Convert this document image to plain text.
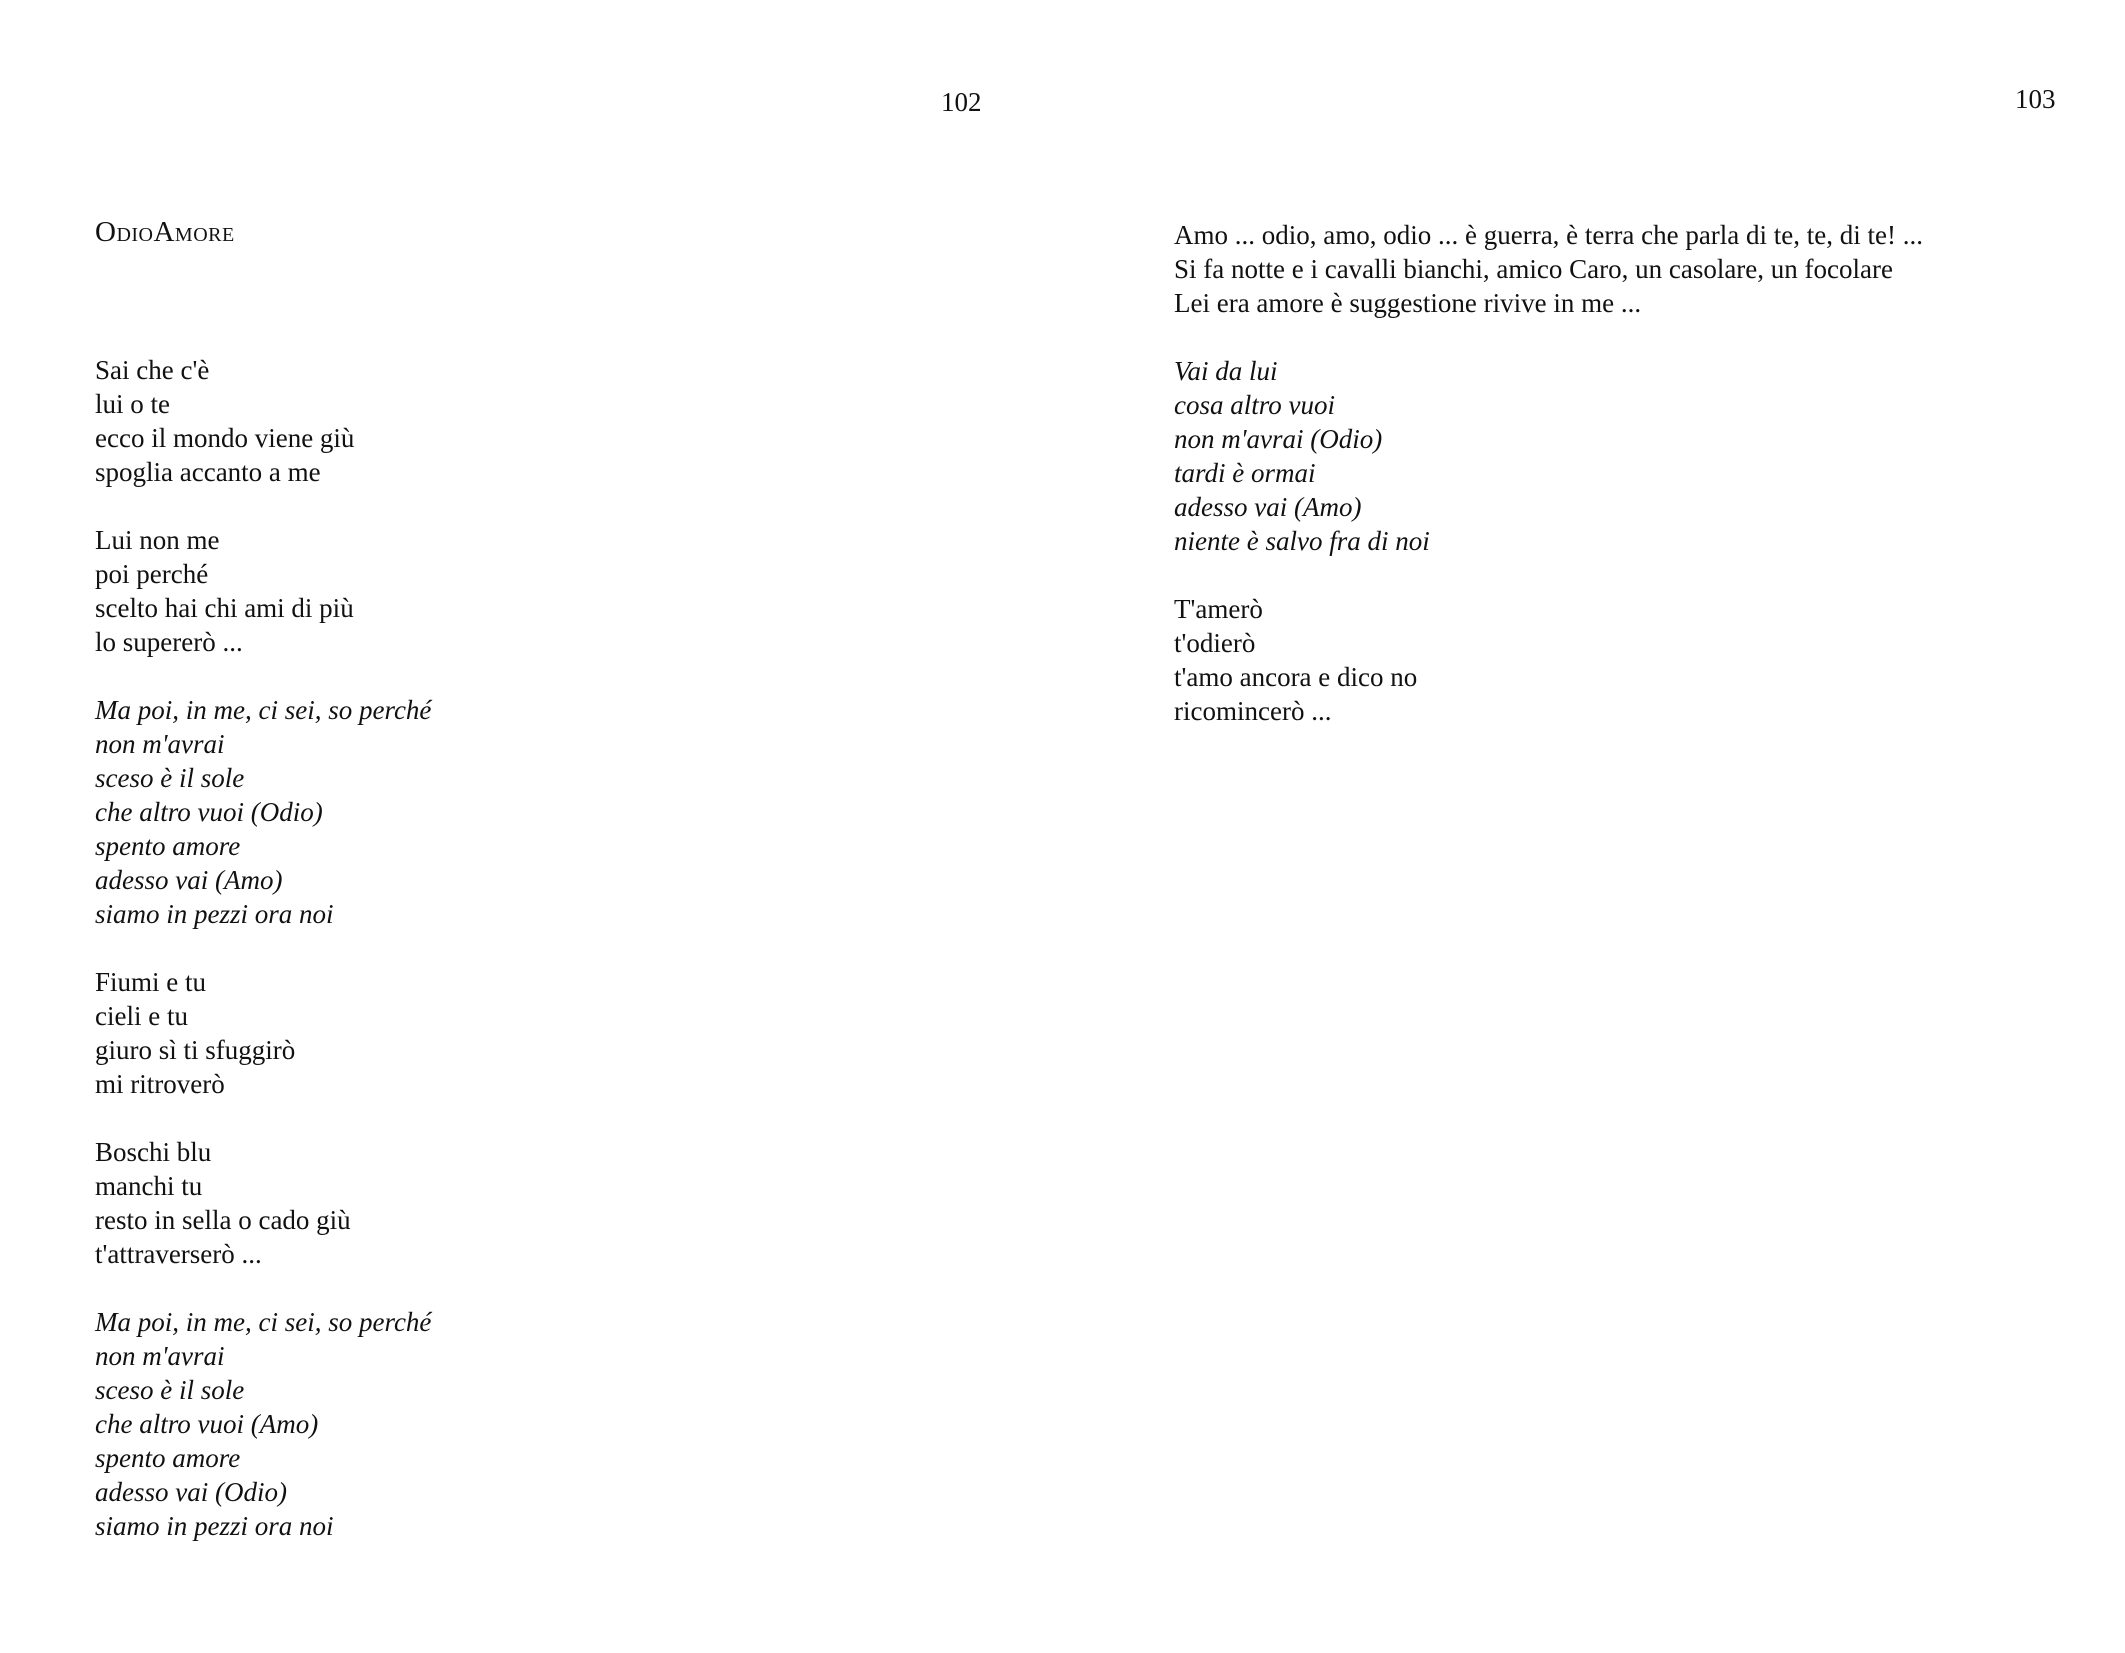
102
OdioAmore
Sai che c'è
lui o te
ecco il mondo viene giù
spoglia accanto a me
Lui non me
poi perché
scelto hai chi ami di più
lo supererò ...
Ma poi, in me, ci sei, so perché
non m'avrai
sceso è il sole
che altro vuoi (Odio)
spento amore
adesso vai (Amo)
siamo in pezzi ora noi
Fiumi e tu
cieli e tu
giuro sì ti sfuggirò
mi ritroverò
Boschi blu
manchi tu
resto in sella o cado giù
t'attraverserò ...
Ma poi, in me, ci sei, so perché
non m'avrai
sceso è il sole
che altro vuoi (Amo)
spento amore
adesso vai (Odio)
siamo in pezzi ora noi
103
Amo ... odio, amo, odio ... è guerra, è terra che parla di te, te, di te! ...
Si fa notte e i cavalli bianchi, amico Caro, un casolare, un focolare
Lei era amore è suggestione rivive in me ...
Vai da lui
cosa altro vuoi
non m'avrai (Odio)
tardi è ormai
adesso vai (Amo)
niente è salvo fra di noi
T'amerò
t'odierò
t'amo ancora e dico no
ricomincerò ...
